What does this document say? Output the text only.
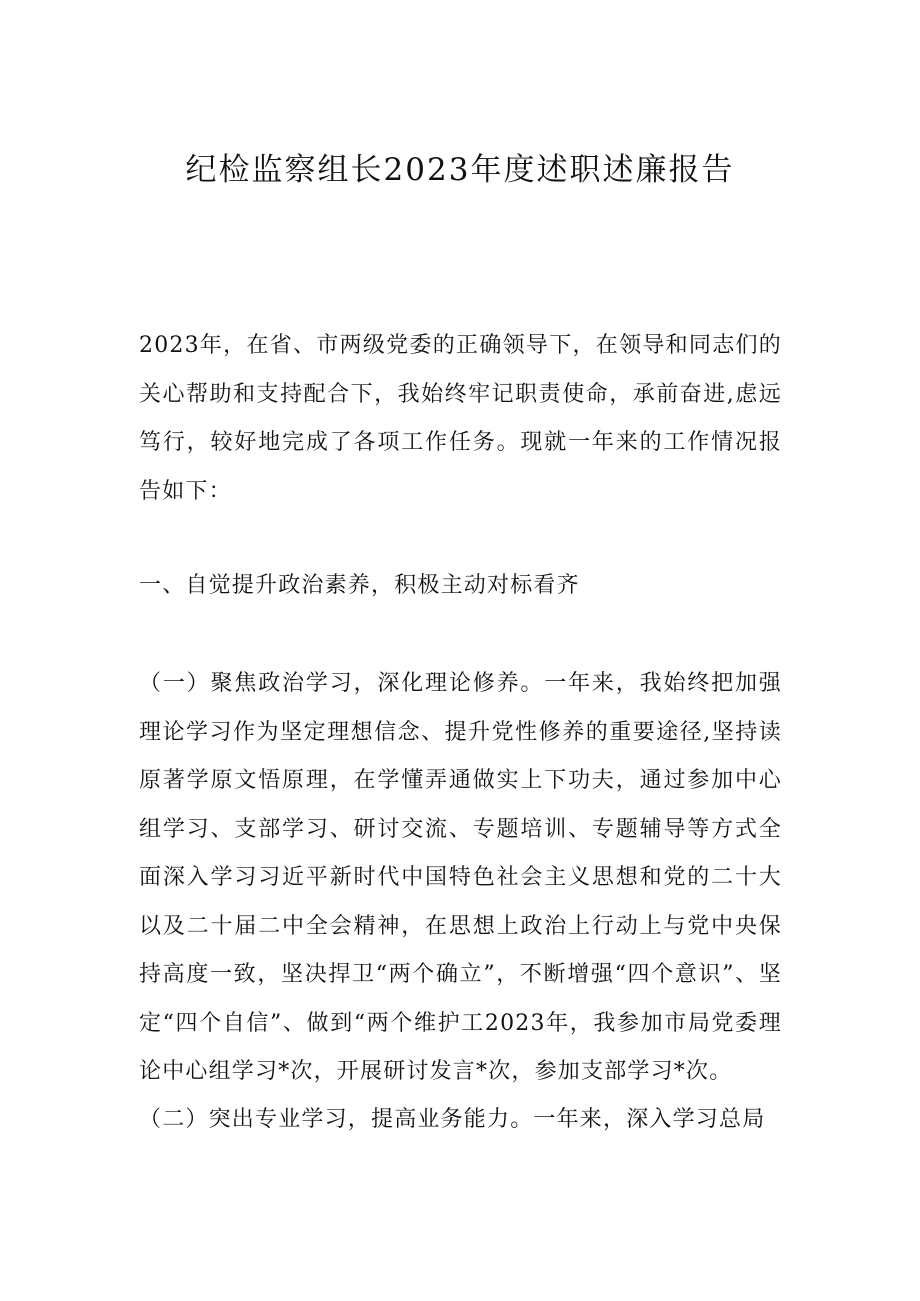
纪检监察组长2023年度述职述廉报告

2023年，在省、市两级党委的正确领导下，在领导和同志们的关心帮助和支持配合下，我始终牢记职责使命，承前奋进,虑远笃行，较好地完成了各项工作任务。现就一年来的工作情况报告如下：

一、自觉提升政治素养，积极主动对标看齐

（一）聚焦政治学习，深化理论修养。一年来，我始终把加强理论学习作为坚定理想信念、提升党性修养的重要途径,坚持读原著学原文悟原理，在学懂弄通做实上下功夫，通过参加中心组学习、支部学习、研讨交流、专题培训、专题辅导等方式全面深入学习习近平新时代中国特色社会主义思想和党的二十大以及二十届二中全会精神，在思想上政治上行动上与党中央保持高度一致，坚决捍卫“两个确立”，不断增强“四个意识”、坚定“四个自信”、做到“两个维护工2023年，我参加市局党委理论中心组学习*次，开展研讨发言*次，参加支部学习*次。

（二）突出专业学习，提高业务能力。一年来，深入学习总局
